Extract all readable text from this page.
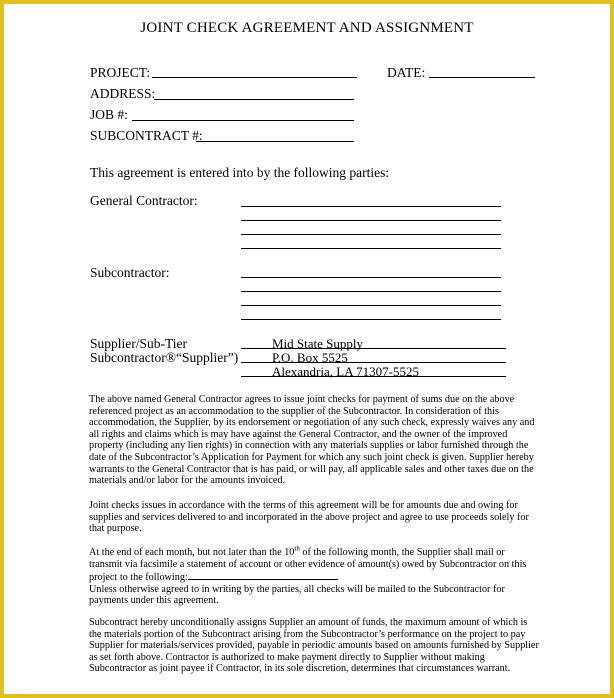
JOINT CHECK AGREEMENT AND ASSIGNMENT
PROJECT:	DATE:
ADDRESS:
JOB #:
SUBCONTRACT #:
This agreement is entered into by the following parties:
General Contractor:
Subcontractor:
Supplier/Sub-Tier
Subcontractor®“Supplier”)
Mid State Supply
P.O. Box 5525
Alexandria, LA 71307-5525
The above named General Contractor agrees to issue joint checks for payment of sums due on the above referenced project as an accommodation to the supplier of the Subcontractor. In consideration of this accommodation, the Supplier, by its endorsement or negotiation of any such check, expressly waives any and all rights and claims which is may have against the General Contractor, and the owner of the improved property (including any lien rights) in connection with any materials supplies or labor furnished through the date of the Subcontractor’s Application for Payment for which any such joint check is given. Supplier hereby warrants to the General Contractor that is has paid, or will pay, all applicable sales and other taxes due on the materials and/or labor for the amounts invoiced.
Joint checks issues in accordance with the terms of this agreement will be for amounts due and owing for supplies and services delivered to and incorporated in the above project and agree to use proceeds solely for that purpose.
At the end of each month, but not later than the 10th of the following month, the Supplier shall mail or transmit via facsimile a statement of account or other evidence of amount(s) owed by Subcontractor on this project to the following:
Unless otherwise agreed to in writing by the parties, all checks will be mailed to the Subcontractor for payments under this agreement.
Subcontract hereby unconditionally assigns Supplier an amount of funds, the maximum amount of which is the materials portion of the Subcontract arising from the Subcontractor’s performance on the project to pay Supplier for materials/services provided, payable in periodic amounts based on amounts furnished by Supplier as set forth above. Contractor is authorized to make payment directly to Supplier without making Subcontractor as joint payee if Contractor, in its sole discretion, determines that circumstances warrant.
